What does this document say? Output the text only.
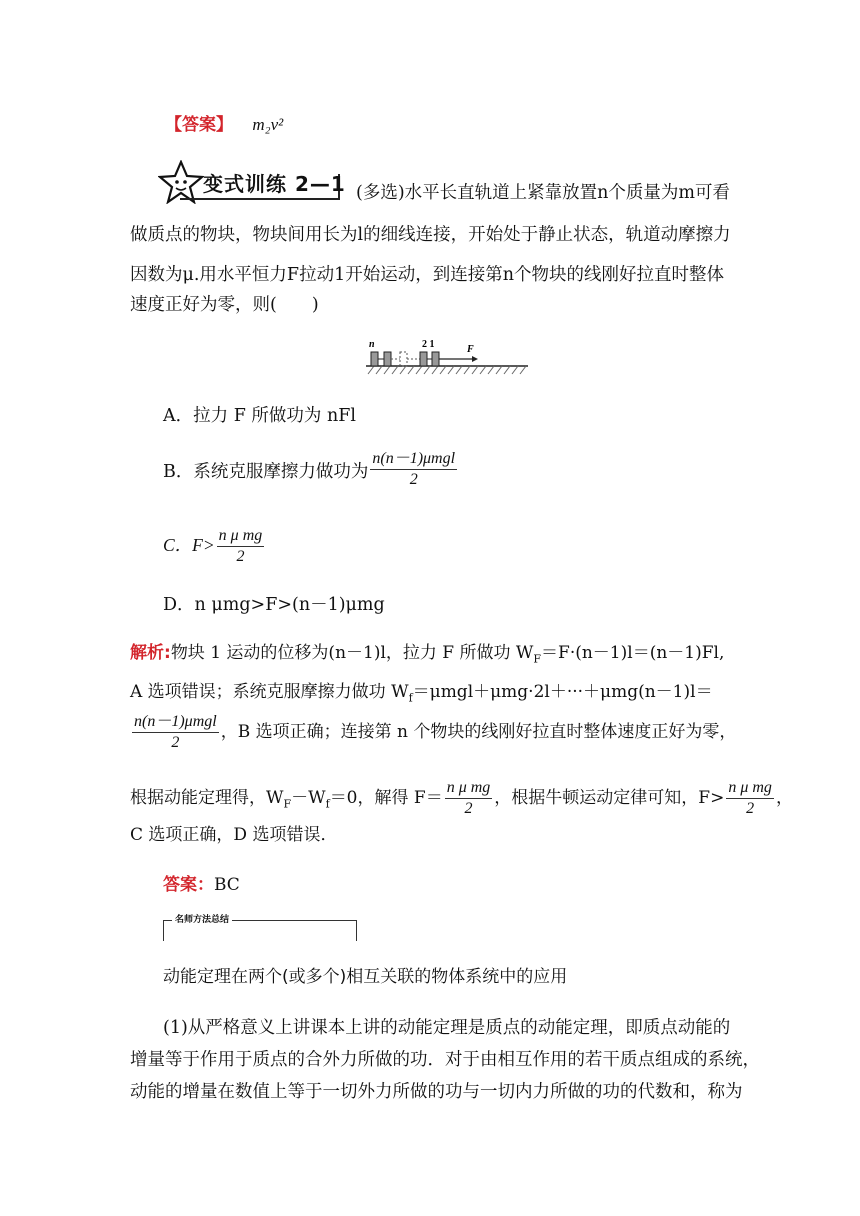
【答案】 m₂v²
变式训练 2—1 (多选)水平长直轨道上紧靠放置n个质量为m可看
做质点的物块，物块间用长为l的细线连接，开始处于静止状态，轨道动摩擦力
因数为μ.用水平恒力F拉动1开始运动，到连接第n个物块的线刚好拉直时整体
速度正好为零，则(　　)
n	2 1	F
A．拉力 F 所做功为 nFl
B．系统克服摩擦力做功为 $\frac{\text{n(n－1)μmgl}}{2}$
C．$F> \frac{\text{n μ mg}}{2}$
D．n μmg>F>(n－1)μmg
解析:物块 1 运动的位移为(n－1)l，拉力 F 所做功 $W_F=F\cdot(n-1)l=(n-1)Fl$,
A 选项错误；系统克服摩擦力做功 $W_f=\mu mgl+\mu mg\cdot 2l+\cdot\cdot\cdot+\mu mg(n-1)l=$
$\frac{\text{n(n－1)μmgl}}{2}$ ，B 选项正确；连接第 n 个物块的线刚好拉直时整体速度正好为零，
根据动能定理得，$W_F-W_f=0$，解得 $F= \frac{\text{n μ mg}}{2}$ ，根据牛顿运动定律可知，$F> \frac{\text{n μ mg}}{2}$ ，
C 选项正确，D 选项错误．
答案：BC
名师方法总结
动能定理在两个(或多个)相互关联的物体系统中的应用
(1)从严格意义上讲课本上讲的动能定理是质点的动能定理，即质点动能的
增量等于作用于质点的合外力所做的功．对于由相互作用的若干质点组成的系统，
动能的增量在数值上等于一切外力所做的功与一切内力所做的功的代数和，称为
